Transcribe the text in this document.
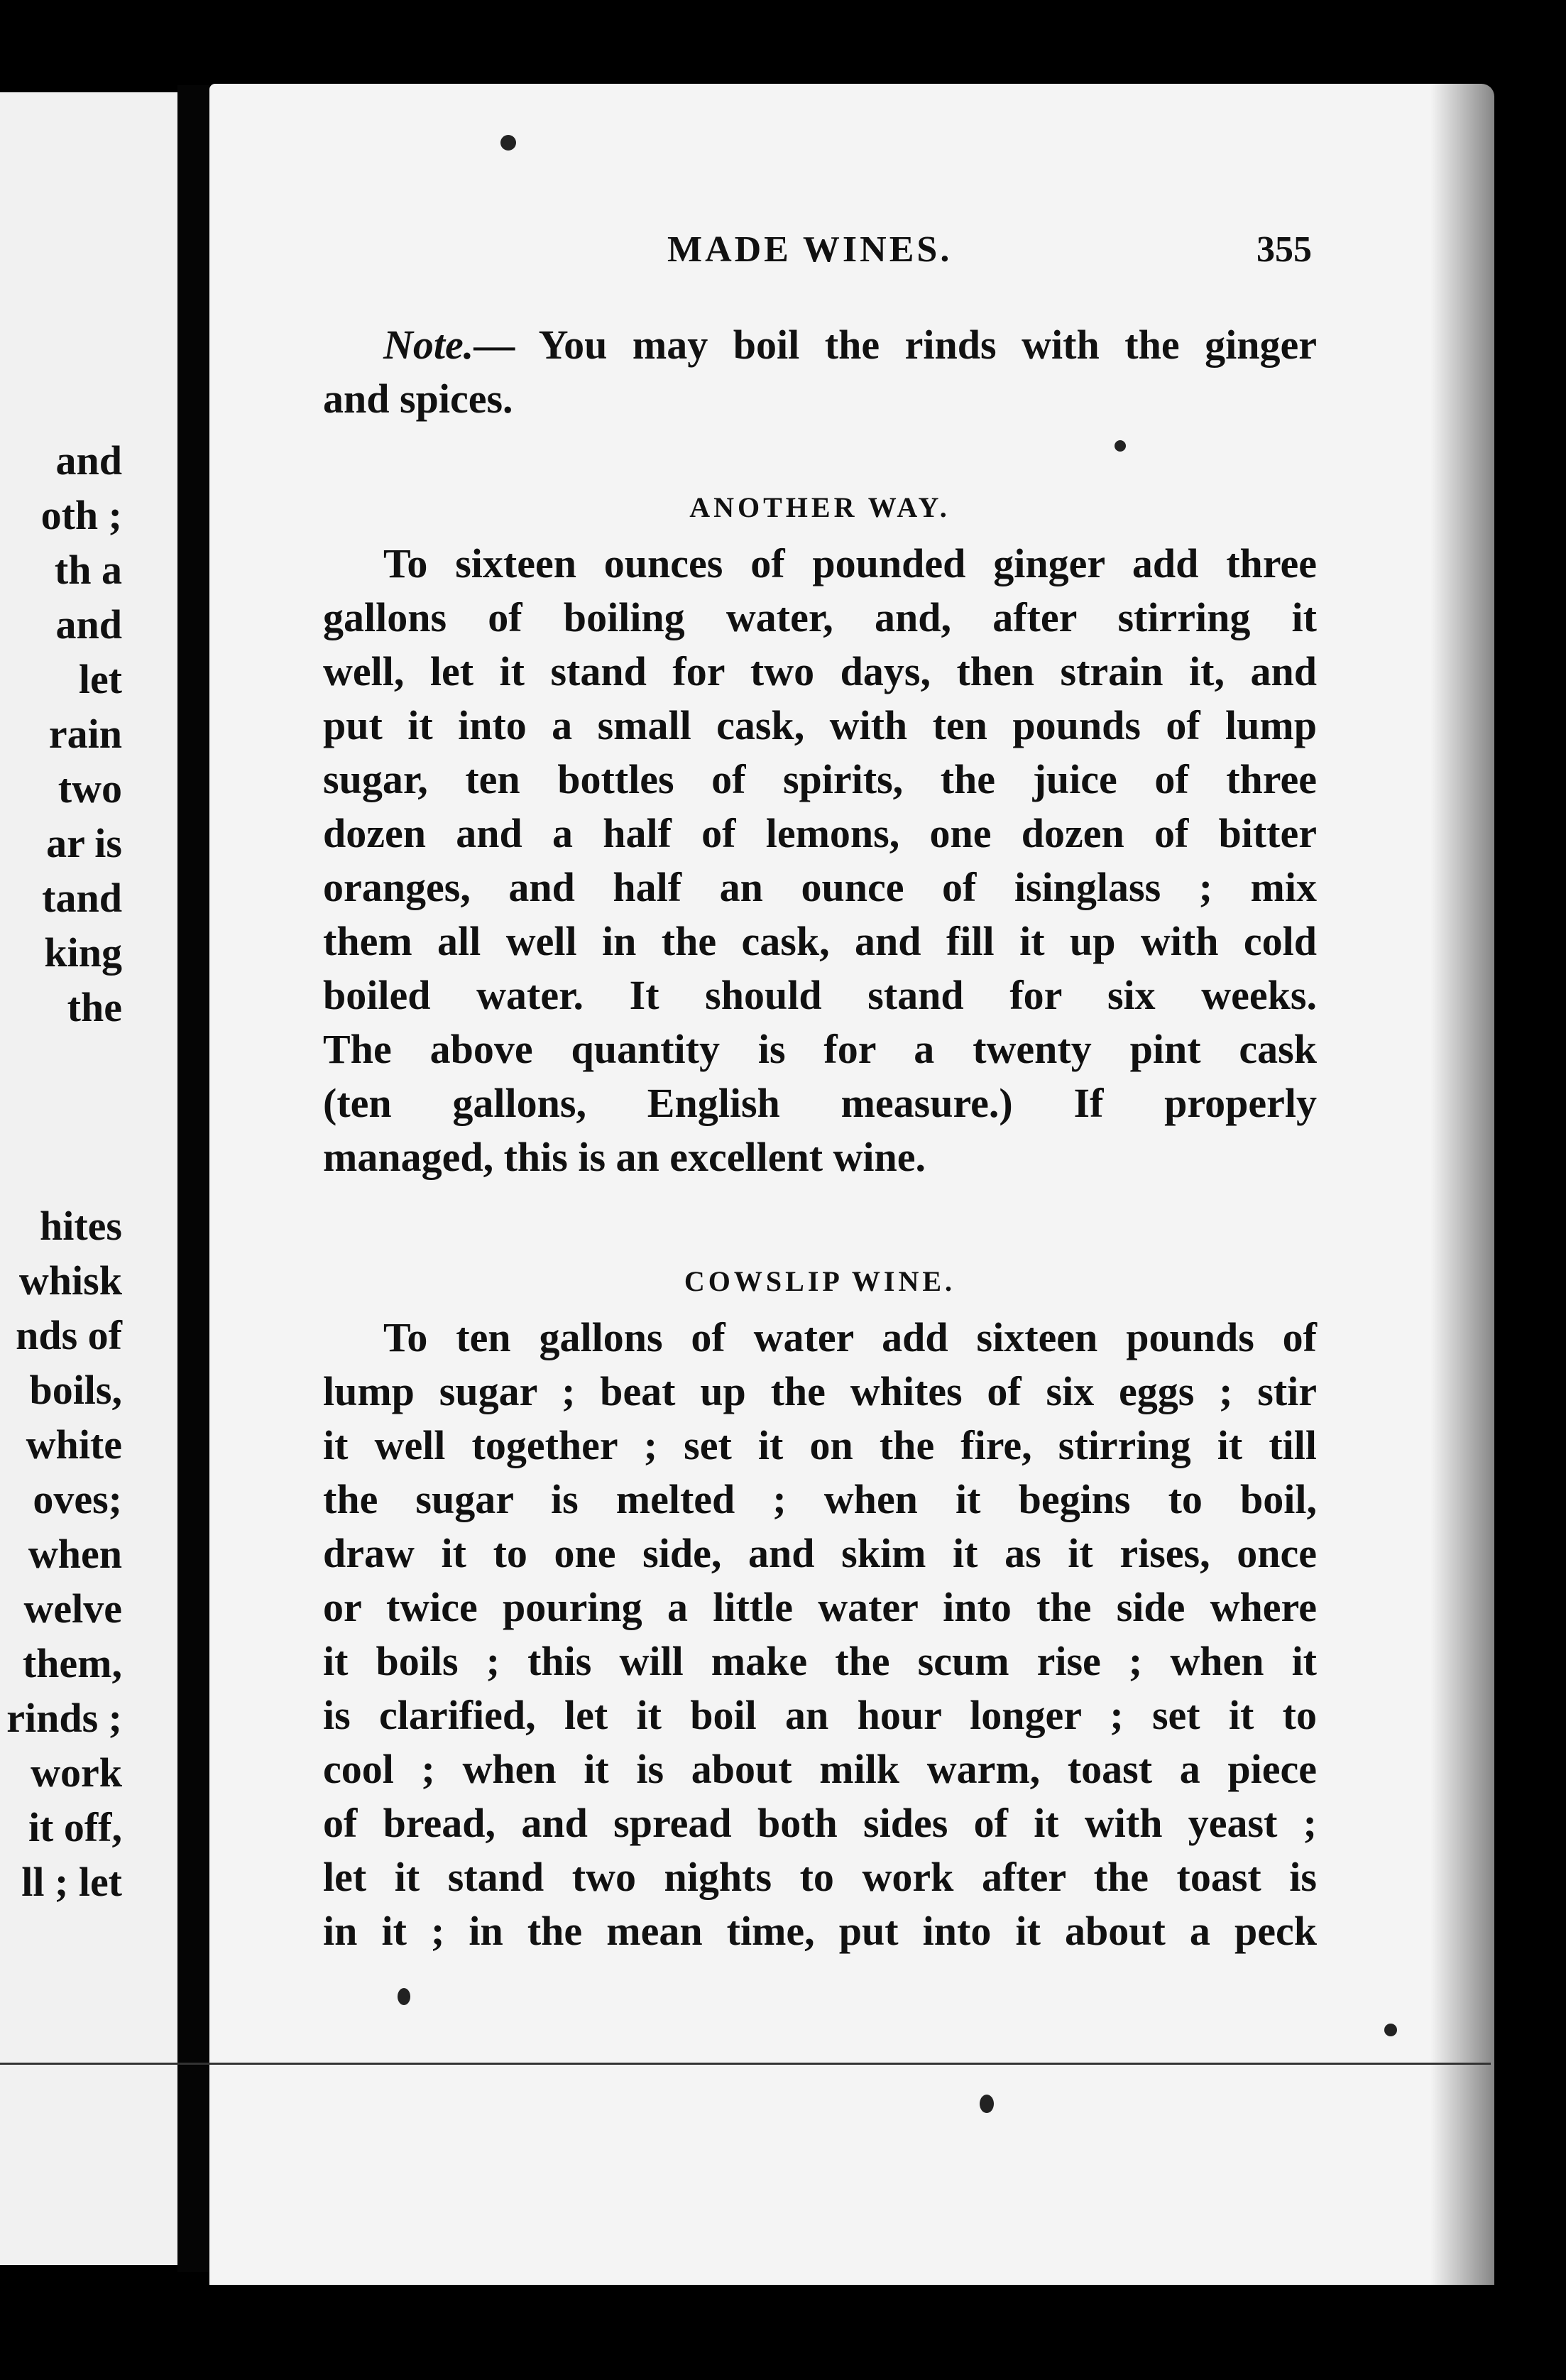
and
oth ;
th a
and
let
rain
two
ar is
tand
king
the
hites
whisk
nds of
boils,
white
oves;
when
welve
them,
rinds ;
work
it off,
ll ; let
MADE WINES.	355
Note.— You may boil the rinds with the ginger
and spices.
ANOTHER WAY.
To sixteen ounces of pounded ginger add three
gallons of boiling water, and, after stirring it
well, let it stand for two days, then strain it, and
put it into a small cask, with ten pounds of lump
sugar, ten bottles of spirits, the juice of three
dozen and a half of lemons, one dozen of bitter
oranges, and half an ounce of isinglass ; mix
them all well in the cask, and fill it up with cold
boiled water. It should stand for six weeks.
The above quantity is for a twenty pint cask
(ten gallons, English measure.) If properly
managed, this is an excellent wine.
COWSLIP WINE.
To ten gallons of water add sixteen pounds of
lump sugar ; beat up the whites of six eggs ; stir
it well together ; set it on the fire, stirring it till
the sugar is melted ; when it begins to boil,
draw it to one side, and skim it as it rises, once
or twice pouring a little water into the side where
it boils ; this will make the scum rise ; when it
is clarified, let it boil an hour longer ; set it to
cool ; when it is about milk warm, toast a piece
of bread, and spread both sides of it with yeast ;
let it stand two nights to work after the toast is
in it ; in the mean time, put into it about a peck
